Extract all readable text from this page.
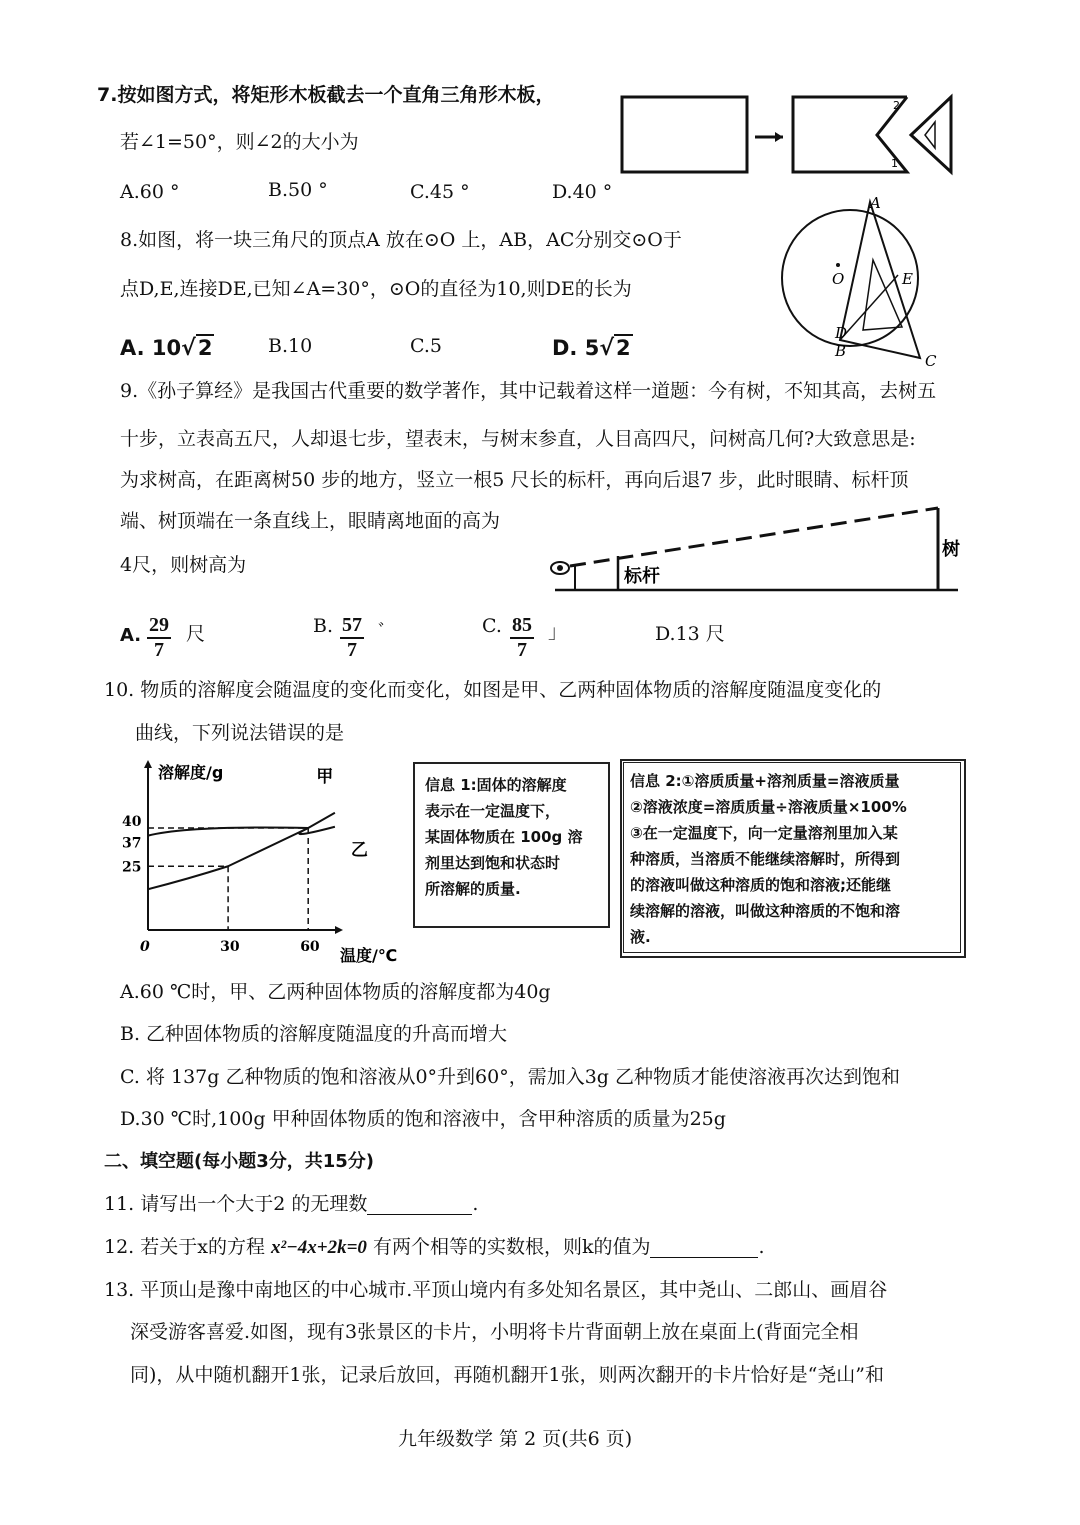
7.按如图方式，将矩形木板截去一个直角三角形木板，
若∠1=50°，则∠2的大小为
A.60 °	B.50 °	C.45 °	D.40 °
2
1
8.如图，将一块三角尺的顶点A 放在⊙O 上，AB，AC分别交⊙O于
点D,E,连接DE,已知∠A=30°，⊙O的直径为10,则DE的长为
A. 10√2	B.10	C.5	D. 5√2
A
O	E
D
B
C
9.《孙子算经》是我国古代重要的数学著作，其中记载着这样一道题：今有树，不知其高，去树五
十步，立表高五尺，人却退七步，望表末，与树末参直，人目高四尺，问树高几何?大致意思是:
为求树高，在距离树50 步的地方，竖立一根5 尺长的标杆，再向后退7 步，此时眼睛、标杆顶
端、树顶端在一条直线上，眼睛离地面的高为
4尺，则树高为
标杆
树
A. $\frac{29}{7}$ 尺	B. $\frac{57}{7}$ ﾞ	C. $\frac{85}{7}$ 」	D.13 尺
10. 物质的溶解度会随温度的变化而变化，如图是甲、乙两种固体物质的溶解度随温度变化的
曲线，下列说法错误的是
溶解度/g
温度/℃
0	30	60
25
37
40
甲
乙
信息 1:固体的溶解度
表示在一定温度下，
某固体物质在 100g 溶
剂里达到饱和状态时
所溶解的质量.
信息 2:①溶质质量+溶剂质量=溶液质量
②溶液浓度=溶质质量÷溶液质量×100%
③在一定温度下，向一定量溶剂里加入某
种溶质，当溶质不能继续溶解时，所得到
的溶液叫做这种溶质的饱和溶液;还能继
续溶解的溶液，叫做这种溶质的不饱和溶
液.
A.60 ℃时，甲、乙两种固体物质的溶解度都为40g
B. 乙种固体物质的溶解度随温度的升高而增大
C. 将 137g 乙种物质的饱和溶液从0°升到60°，需加入3g 乙种物质才能使溶液再次达到饱和
D.30 ℃时,100g 甲种固体物质的饱和溶液中，含甲种溶质的质量为25g
二、填空题(每小题3分，共15分)
11. 请写出一个大于2 的无理数	.
12. 若关于x的方程 x²−4x+2k=0 有两个相等的实数根，则k的值为	.
13. 平顶山是豫中南地区的中心城市.平顶山境内有多处知名景区，其中尧山、二郎山、画眉谷
深受游客喜爱.如图，现有3张景区的卡片，小明将卡片背面朝上放在桌面上(背面完全相
同)，从中随机翻开1张，记录后放回，再随机翻开1张，则两次翻开的卡片恰好是“尧山”和
九年级数学 第 2 页(共6 页)
